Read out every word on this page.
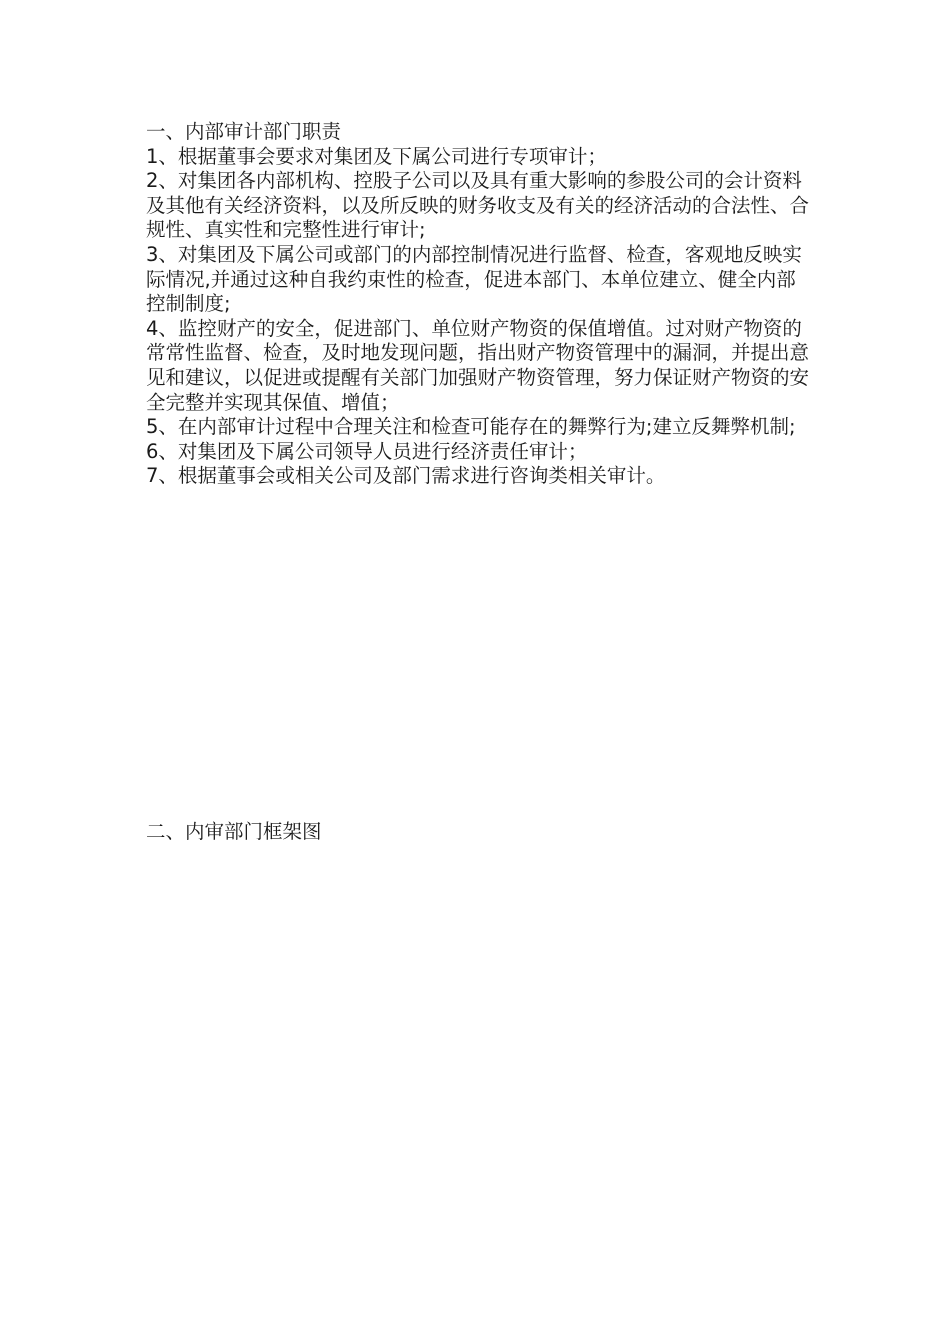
一、内部审计部门职责

1、根据董事会要求对集团及下属公司进行专项审计；

2、对集团各内部机构、控股子公司以及具有重大影响的参股公司的会计资料及其他有关经济资料，以及所反映的财务收支及有关的经济活动的合法性、合规性、真实性和完整性进行审计;

3、对集团及下属公司或部门的内部控制情况进行监督、检查，客观地反映实际情况,并通过这种自我约束性的检查，促进本部门、本单位建立、健全内部控制制度;

4、监控财产的安全，促进部门、单位财产物资的保值增值。过对财产物资的常常性监督、检查，及时地发现问题，指出财产物资管理中的漏洞，并提出意见和建议，以促进或提醒有关部门加强财产物资管理，努力保证财产物资的安全完整并实现其保值、增值；

5、在内部审计过程中合理关注和检查可能存在的舞弊行为;建立反舞弊机制;

6、对集团及下属公司领导人员进行经济责任审计；

7、根据董事会或相关公司及部门需求进行咨询类相关审计。

二、内审部门框架图
